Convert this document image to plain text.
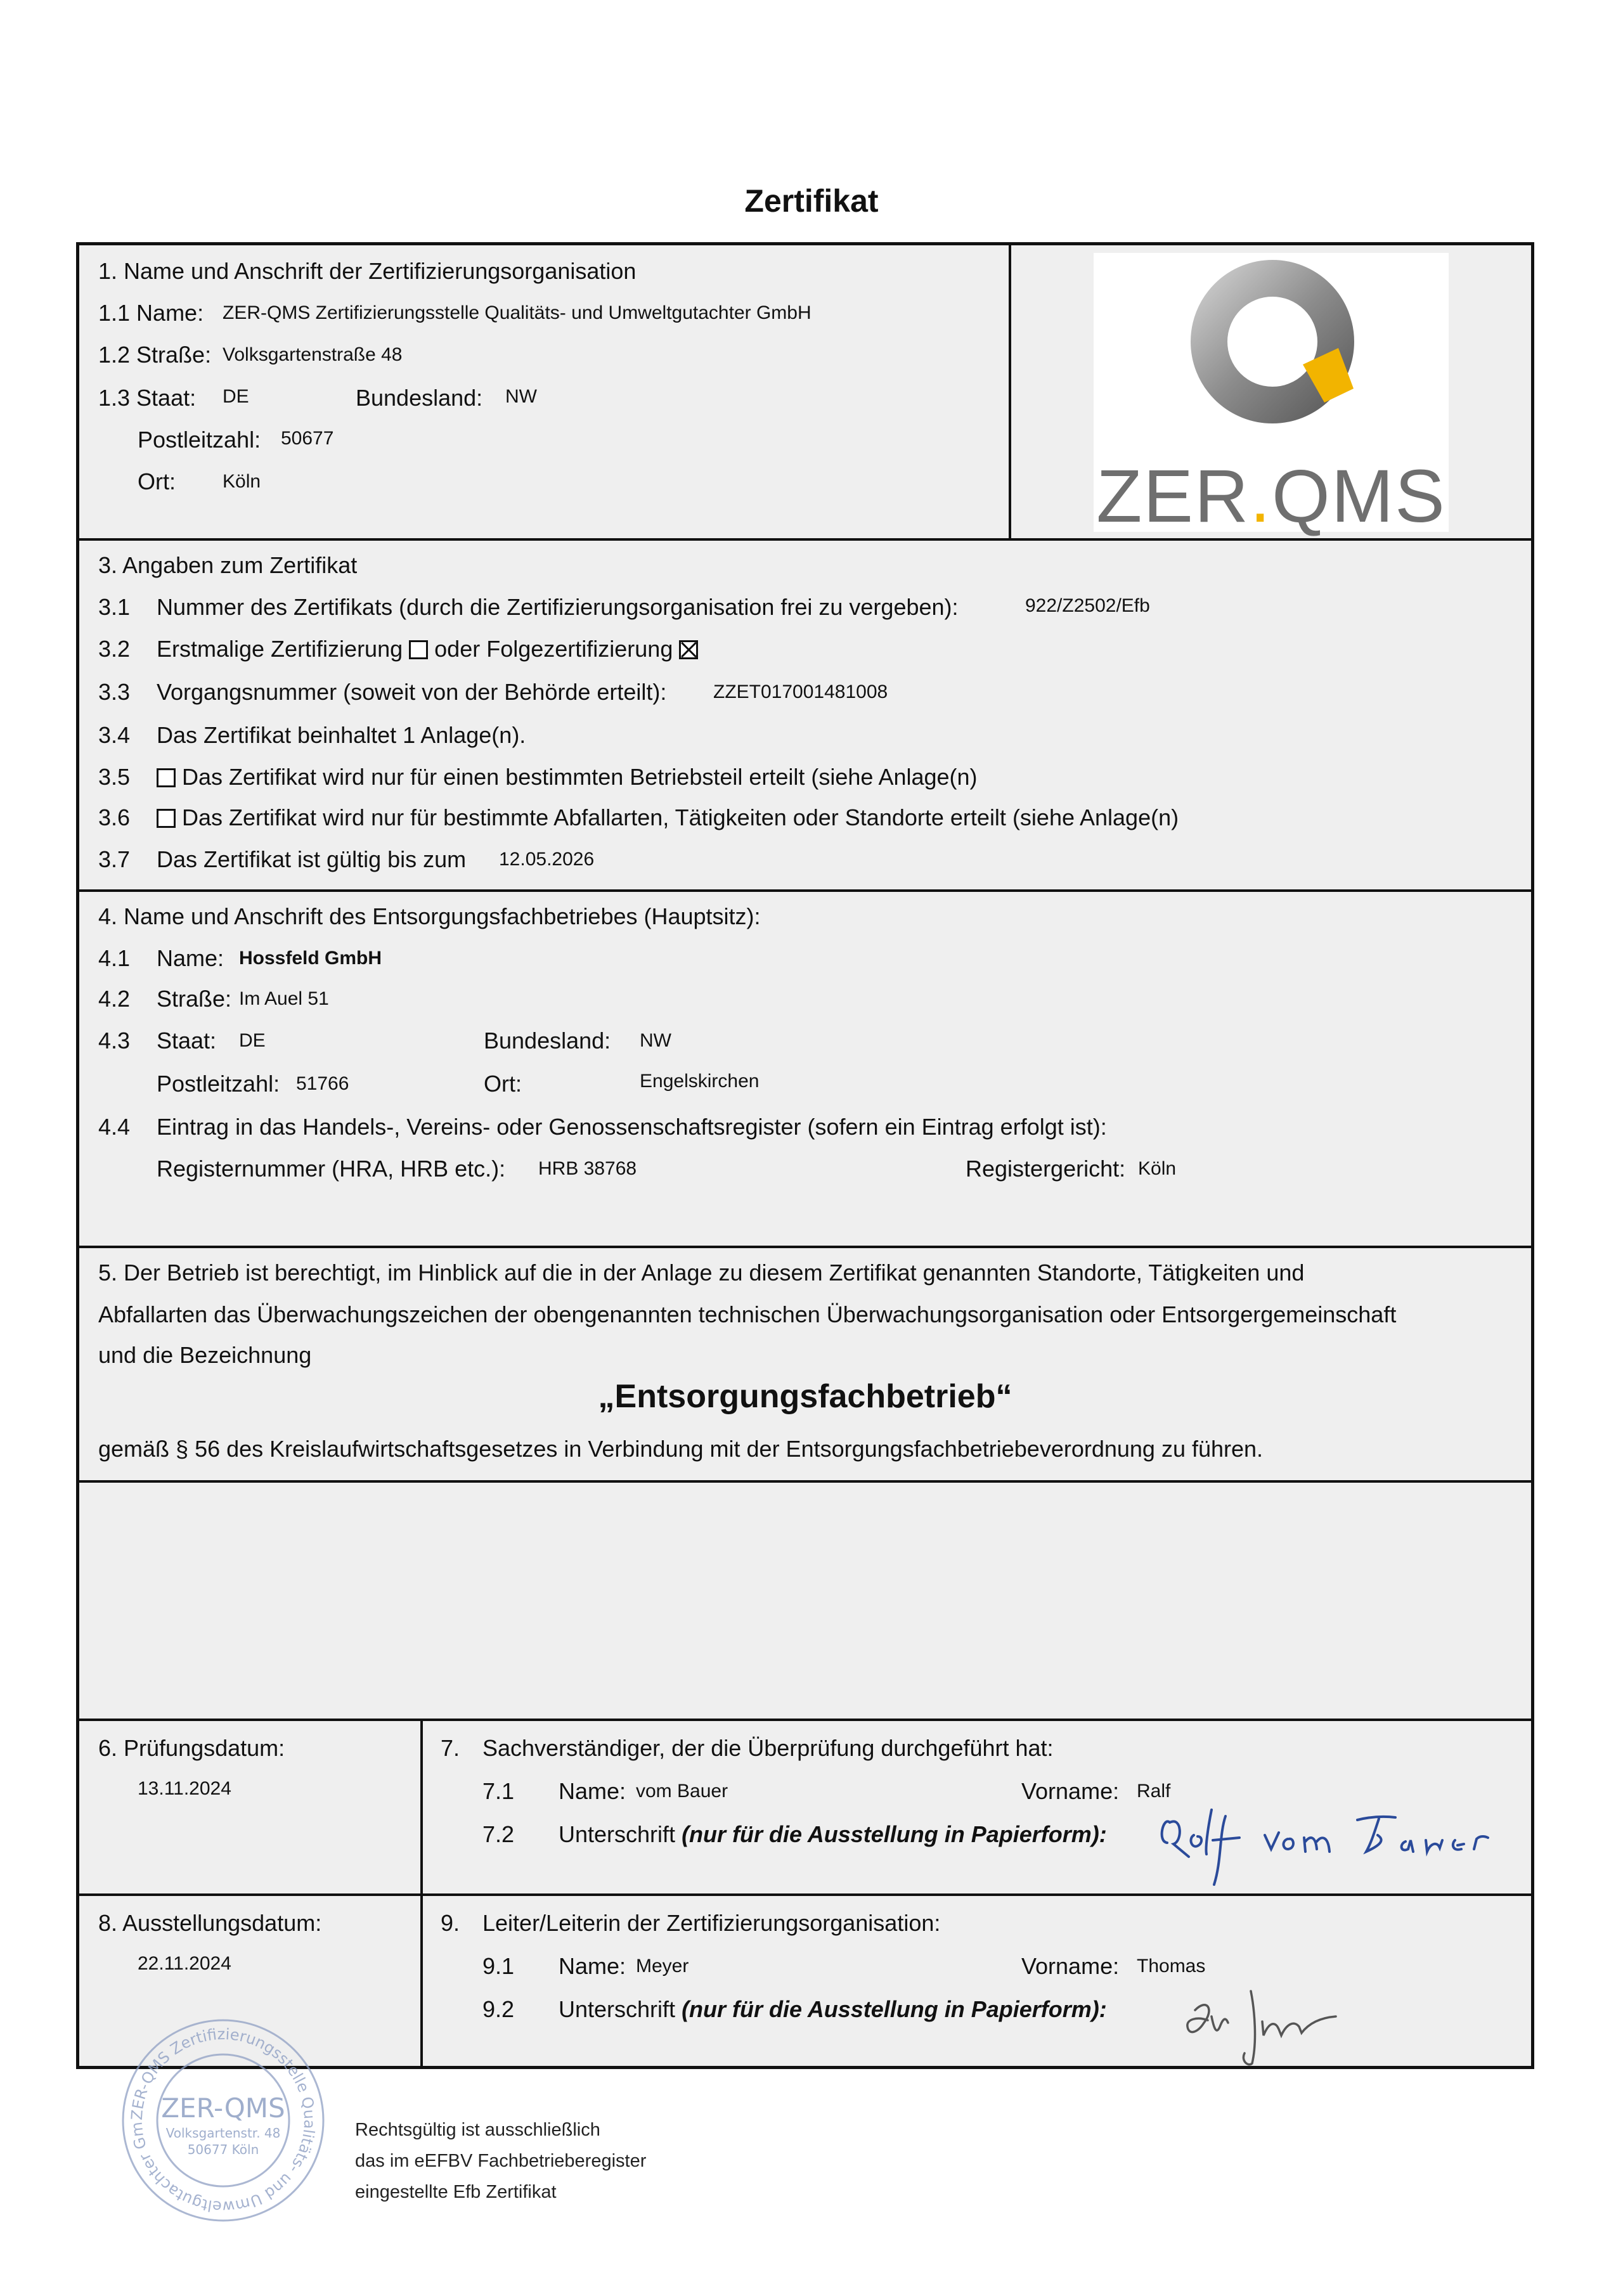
Zertifikat
1. Name und Anschrift der Zertifizierungsorganisation
1.1 Name: ZER-QMS Zertifizierungsstelle Qualitäts- und Umweltgutachter GmbH
1.2 Straße: Volksgartenstraße 48
1.3 Staat: DE	Bundesland: NW
Postleitzahl: 50677
Ort: Köln	ZER.QMS
3. Angaben zum Zertifikat
3.1 Nummer des Zertifikats (durch die Zertifizierungsorganisation frei zu vergeben):	922/Z2502/Efb
3.2 Erstmalige Zertifizierung oder Folgezertifizierung
3.3 Vorgangsnummer (soweit von der Behörde erteilt): ZZET017001481008
3.4 Das Zertifikat beinhaltet 1 Anlage(n).
3.5	Das Zertifikat wird nur für einen bestimmten Betriebsteil erteilt (siehe Anlage(n)
3.6	Das Zertifikat wird nur für bestimmte Abfallarten, Tätigkeiten oder Standorte erteilt (siehe Anlage(n)
3.7 Das Zertifikat ist gültig bis zum 12.05.2026
4. Name und Anschrift des Entsorgungsfachbetriebes (Hauptsitz):
4.1 Name: Hossfeld GmbH
4.2 Straße: Im Auel 51
4.3 Staat: DE	Bundesland: NW
Postleitzahl: 51766	Ort:	Engelskirchen
4.4 Eintrag in das Handels-, Vereins- oder Genossenschaftsregister (sofern ein Eintrag erfolgt ist):
Registernummer (HRA, HRB etc.): HRB 38768	Registergericht: Köln
5. Der Betrieb ist berechtigt, im Hinblick auf die in der Anlage zu diesem Zertifikat genannten Standorte, Tätigkeiten und
Abfallarten das Überwachungszeichen der obengenannten technischen Überwachungsorganisation oder Entsorgergemeinschaft
und die Bezeichnung
„Entsorgungsfachbetrieb“
gemäß § 56 des Kreislaufwirtschaftsgesetzes in Verbindung mit der Entsorgungsfachbetriebeverordnung zu führen.
6. Prüfungsdatum:
13.11.2024
7. Sachverständiger, der die Überprüfung durchgeführt hat:
7.1 Name: vom Bauer	Vorname: Ralf
7.2 Unterschrift (nur für die Ausstellung in Papierform):
8. Ausstellungsdatum:
22.11.2024
9. Leiter/Leiterin der Zertifizierungsorganisation:
9.1 Name: Meyer	Vorname: Thomas
9.2 Unterschrift (nur für die Ausstellung in Papierform):
ZER-QMS Zertifizierungsstelle Qualitäts- und Umweltgutachter Gm
ZER-QMS
Volksgartenstr. 48
50677 Köln
Rechtsgültig ist ausschließlich
das im eEFBV Fachbetrieberegister
eingestellte Efb Zertifikat
